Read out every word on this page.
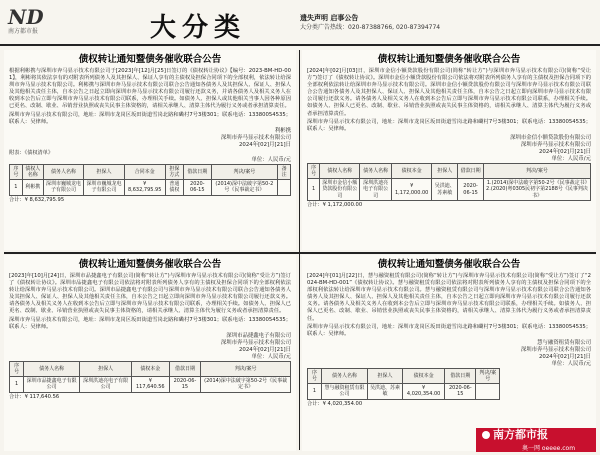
ND
南方都市报	大分类	遗失声明 启事公告
大分类广告热线：020-87388766, 020-87394774
债权转让通知暨债务催收联合公告
根据利彬携与深圳市奔马显示技术有限公司于[2023]年[12]月[25]日签订的《债权转让协议》【编号：2023-BM-HD-001】，利彬将其依法享有的对附表所列债务人及其担保人、保证人享有的主债权及担保合同项下的全部权利，依法转让给深圳市奔马显示技术有限公司。利彬携与深圳市奔马显示技术有限公司联合公告通知各债务人及其担保人、保证人、担保人及其他相关责任主体，自本公告之日起立即向深圳市奔马显示技术有限公司履行还款义务，并请各债务人及相关义务人在收到本公告后立即与深圳市奔马显示技术有限公司联系，办理相关手续。如债务人、担保人或其他相关当事人因各种原因已更名、改制、歇业、吊销营业执照或丧失民事主体资格的，请相关承继人、清算主体代为履行义务或者承担清算责任。
深圳市奔马显示技术有限公司，地址：深圳市龙岗区坂田街道雪岗北路和磡村7号3楼301；联系电话：13380054535；联系人：吴律师。
利彬携
深圳市奔马显示技术有限公司
2024年[02]月[21]日
附表：《债权清单》
单位：人民币/元
序号	债权人名称	债务人名称	担保人	合同本金	担保方式	借款日期	判决/案号	备注
1	利彬携	深圳市巍城龙电子有限公司	深圳市巍城龙电子有限公司	¥ 8,632,795.95	普通债权	2020-06-15	(2014)深中法破字第50-2号《民事裁定书》	
合计：¥ 8,632,795.95
债权转让通知暨债务催收联合公告
[2024]年[02]月[03]日，深圳市金信小额贷款股份有限公司(简称“转让方”)与深圳市奔马显示技术有限公司(简称“受让方”)签订了《债权转让协议》。深圳市金信小额贷款股份有限公司依法将对附表所列债务人享有的主债权及担保合同项下的全部权利依法转让给深圳市奔马显示技术有限公司。深圳市金信小额贷款股份有限公司与深圳市奔马显示技术有限公司联合公告通知各债务人及其担保人、保证人、担保人及其他相关责任主体，自本公告之日起立即向深圳市奔马显示技术有限公司履行还款义务。请各债务人及相关义务人在收到本公告后立即与深圳市奔马显示技术有限公司联系，办理相关手续。如债务人、担保人已更名、改制、歇业、吊销营业执照或丧失民事主体资格的，请相关承继人、清算主体代为履行义务或者承担清算责任。
深圳市奔马显示技术有限公司，地址：深圳市龙岗区坂田街道雪岗北路和磡村7号3楼301；联系电话：13380054535；联系人：吴律师。
深圳市金信小额贷款股份有限公司
深圳市奔马显示技术有限公司
2024年[02]月[21]日
单位：人民币/元
序号	债权人名称	债务人名称	债权本金	担保人	借款日期	判决/案号
1	深圳市金信小额贷款股份有限公司	深圳洪迪亮电子有限公司	¥ 1,172,000.00	吴洪迪、苏素敏	2020-06-15	1.(2014)深中法破字第50-2号《民事裁定书》2.(2020)粤0305民初字第2188号《民事判决书》
合计：¥ 1,172,000.00
债权转让通知暨债务催收联合公告
[2023]年[10]月[24]日，深圳市品捷鑫电子有限公司(简称“转让方”)与深圳市奔马显示技术有限公司(简称“受让方”)签订了《债权转让协议》。深圳市品捷鑫电子有限公司依法将对附表所列债务人享有的主债权及担保合同项下的全部权利依法转让给深圳市奔马显示技术有限公司。深圳市品捷鑫电子有限公司与深圳市奔马显示技术有限公司联合公告通知各债务人及其担保人、保证人、担保人及其他相关责任主体，自本公告之日起立即向深圳市奔马显示技术有限公司履行还款义务。请各债务人及相关义务人在收到本公告后立即与深圳市奔马显示技术有限公司联系，办理相关手续。如债务人、担保人已更名、改制、歇业、吊销营业执照或丧失民事主体资格的，请相关承继人、清算主体代为履行义务或者承担清算责任。
深圳市奔马显示技术有限公司，地址：深圳市龙岗区坂田街道雪岗北路和磡村7号3楼301；联系电话：13380054535；联系人：吴律师。
深圳市品捷鑫电子有限公司
深圳市奔马显示技术有限公司
2024年[02]月[21]日
单位：人民币/元
序号	债务人名称	担保人	债权本金	借款日期	判决/案号
1	深圳市品捷鑫电子有限公司	深圳洪迪亮电子有限公司	¥ 117,640.56	2020-06-15	(2014)深中法破字第50-2号《民事裁定书》
合计：¥ 117,640.56
债权转让通知暨债务催收联合公告
[2024]年[01]月[22]日，慧与融资租赁有限公司(简称“转让方”)与深圳市奔马显示技术有限公司(简称“受让方”)签订了“2024-BM-HD-001”《债权转让协议》。慧与融资租赁有限公司依法将对附表所列债务人享有的主债权及担保合同项下的全部权利依法转让给深圳市奔马显示技术有限公司。慧与融资租赁有限公司与深圳市奔马显示技术有限公司联合公告通知各债务人及其担保人、保证人、担保人及其他相关责任主体，自本公告之日起立即向深圳市奔马显示技术有限公司履行还款义务。请各债务人及相关义务人在收到本公告后立即与深圳市奔马显示技术有限公司联系，办理相关手续。如债务人、担保人已更名、改制、歇业、吊销营业执照或丧失民事主体资格的，请相关承继人、清算主体代为履行义务或者承担清算责任。
深圳市奔马显示技术有限公司，地址：深圳市龙岗区坂田街道雪岗北路和磡村7号3楼301；联系电话：13380054535；联系人：吴律师。
慧与融资租赁有限公司
深圳市奔马显示技术有限公司
2024年[02]月[21]日
单位：人民币/元
序号	债务人名称	担保人	债权本金	借款日期	判决/案号
1	慧与融资租赁有限公司	吴洪迪、苏素敏	¥ 4,020,354.00	2020-06-15	
合计：¥ 4,020,354.00
南方都市报
奥一网 oeeee.com
